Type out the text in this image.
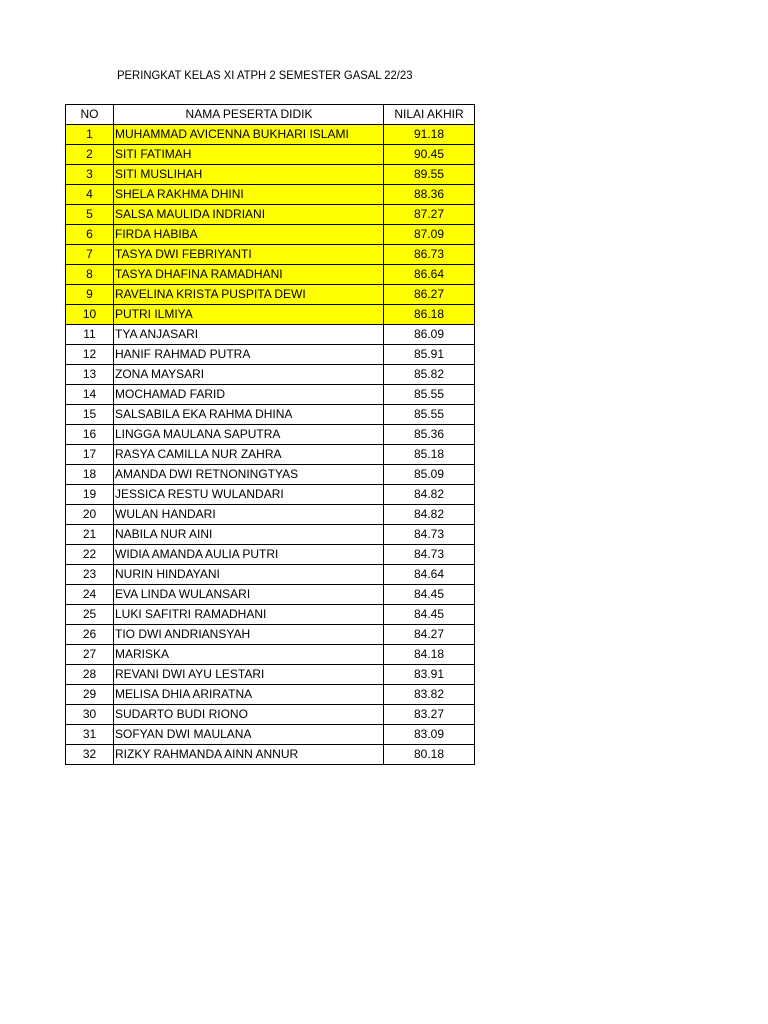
PERINGKAT KELAS XI ATPH 2 SEMESTER GASAL 22/23
NO	NAMA PESERTA DIDIK	NILAI AKHIR
1	MUHAMMAD AVICENNA BUKHARI ISLAMI	91.18
2	SITI FATIMAH	90.45
3	SITI MUSLIHAH	89.55
4	SHELA RAKHMA DHINI	88.36
5	SALSA MAULIDA INDRIANI	87.27
6	FIRDA HABIBA	87.09
7	TASYA DWI FEBRIYANTI	86.73
8	TASYA DHAFINA RAMADHANI	86.64
9	RAVELINA KRISTA PUSPITA DEWI	86.27
10	PUTRI ILMIYA	86.18
11	TYA ANJASARI	86.09
12	HANIF RAHMAD PUTRA	85.91
13	ZONA MAYSARI	85.82
14	MOCHAMAD FARID	85.55
15	SALSABILA EKA RAHMA DHINA	85.55
16	LINGGA MAULANA SAPUTRA	85.36
17	RASYA CAMILLA NUR ZAHRA	85.18
18	AMANDA DWI RETNONINGTYAS	85.09
19	JESSICA RESTU WULANDARI	84.82
20	WULAN HANDARI	84.82
21	NABILA NUR AINI	84.73
22	WIDIA AMANDA AULIA PUTRI	84.73
23	NURIN HINDAYANI	84.64
24	EVA LINDA WULANSARI	84.45
25	LUKI SAFITRI RAMADHANI	84.45
26	TIO DWI ANDRIANSYAH	84.27
27	MARISKA	84.18
28	REVANI DWI AYU LESTARI	83.91
29	MELISA DHIA ARIRATNA	83.82
30	SUDARTO BUDI RIONO	83.27
31	SOFYAN DWI MAULANA	83.09
32	RIZKY RAHMANDA AINN ANNUR	80.18
